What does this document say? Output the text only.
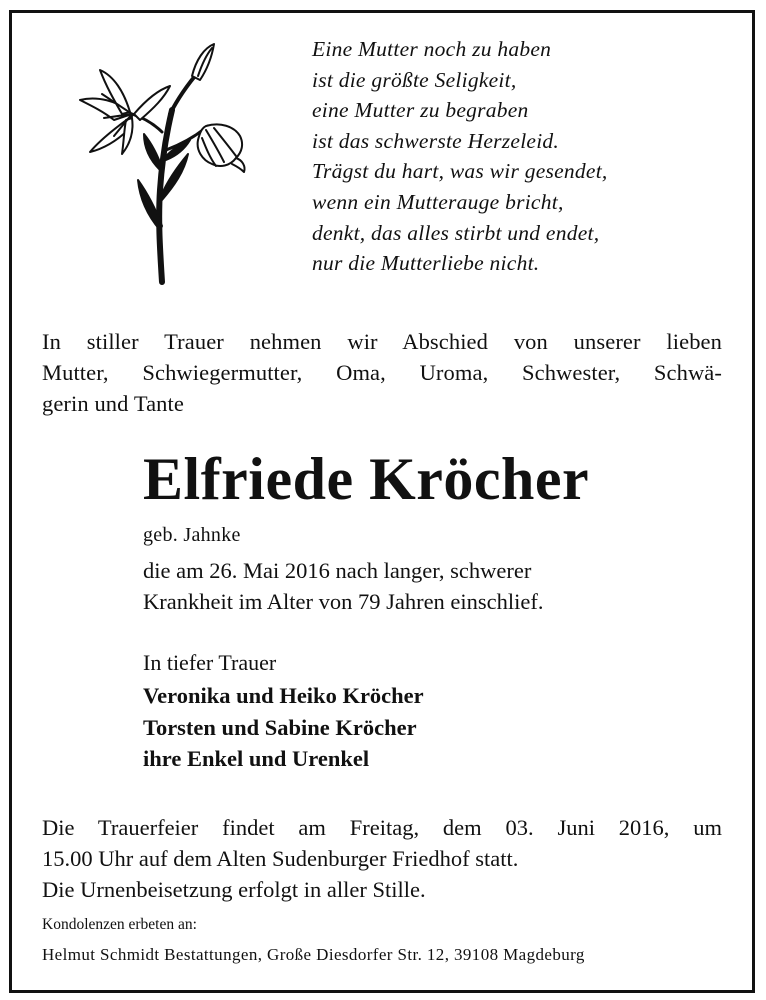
Eine Mutter noch zu haben
ist die größte Seligkeit,
eine Mutter zu begraben
ist das schwerste Herzeleid.
Trägst du hart, was wir gesendet,
wenn ein Mutterauge bricht,
denkt, das alles stirbt und endet,
nur die Mutterliebe nicht.
In stiller Trauer nehmen wir Abschied von unserer lieben
Mutter, Schwiegermutter, Oma, Uroma, Schwester, Schwä-
gerin und Tante
Elfriede Kröcher
geb. Jahnke
die am 26. Mai 2016 nach langer, schwerer
Krankheit im Alter von 79 Jahren einschlief.
In tiefer Trauer
Veronika und Heiko Kröcher
Torsten und Sabine Kröcher
ihre Enkel und Urenkel
Die Trauerfeier findet am Freitag, dem 03. Juni 2016, um
15.00 Uhr auf dem Alten Sudenburger Friedhof statt.
Die Urnenbeisetzung erfolgt in aller Stille.
Kondolenzen erbeten an:
Helmut Schmidt Bestattungen, Große Diesdorfer Str. 12, 39108 Magdeburg
